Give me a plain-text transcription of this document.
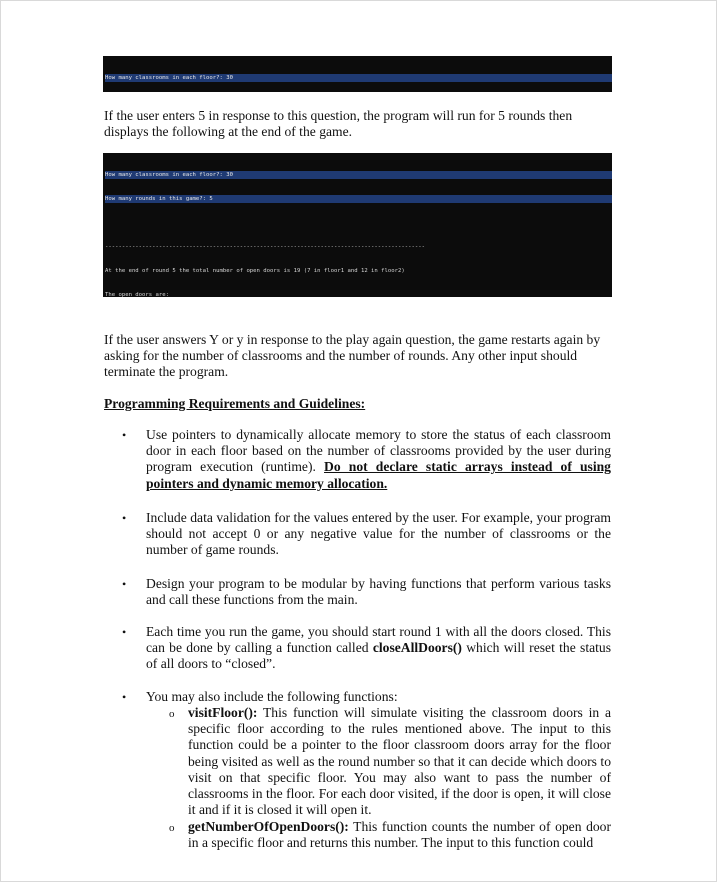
How many classrooms in each floor?: 30

If the user enters 5 in response to this question, the program will run for 5 rounds then displays the following at the end of the game.

How many classrooms in each floor?: 30

How many rounds in this game?: 5

-----------------------------------------------------------------------------------------------

At the end of round 5 the total number of open doors is 19 (7 in floor1 and 12 in floor2)

The open doors are:

If the user answers Y or y in response to the play again question, the game restarts again by asking for the number of classrooms and the number of rounds. Any other input should terminate the program.
Programming Requirements and Guidelines:
• Use pointers to dynamically allocate memory to store the status of each classroom door in each floor based on the number of classrooms provided by the user during program execution (runtime). Do not declare static arrays instead of using pointers and dynamic memory allocation.
• Include data validation for the values entered by the user. For example, your program should not accept 0 or any negative value for the number of classrooms or the number of game rounds.
• Design your program to be modular by having functions that perform various tasks and call these functions from the main.
• Each time you run the game, you should start round 1 with all the doors closed. This can be done by calling a function called closeAllDoors() which will reset the status of all doors to “closed”.
• You may also include the following functions:
o visitFloor(): This function will simulate visiting the classroom doors in a specific floor according to the rules mentioned above. The input to this function could be a pointer to the floor classroom doors array for the floor being visited as well as the round number so that it can decide which doors to visit on that specific floor. You may also want to pass the number of classrooms in the floor. For each door visited, if the door is open, it will close it and if it is closed it will open it.
o getNumberOfOpenDoors(): This function counts the number of open door in a specific floor and returns this number. The input to this function could
